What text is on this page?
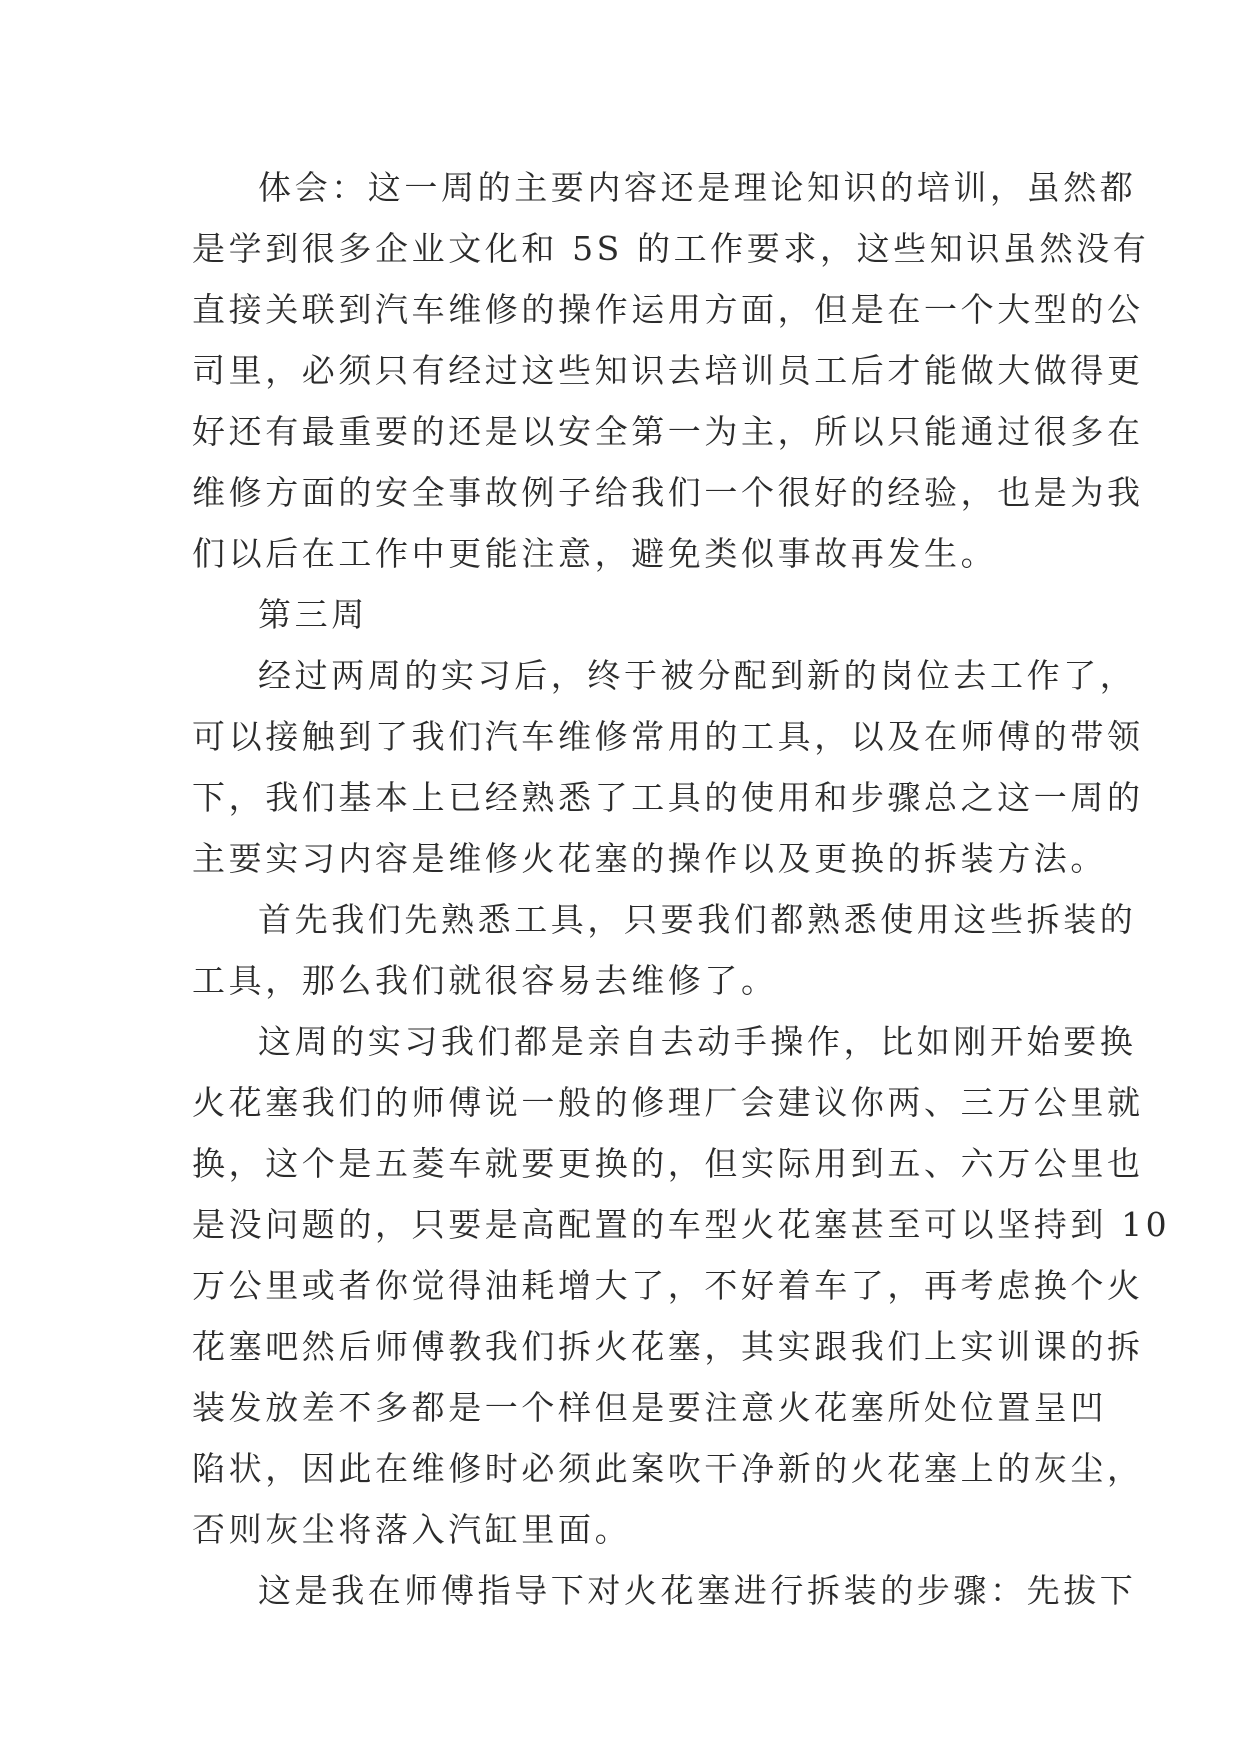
体会：这一周的主要内容还是理论知识的培训，虽然都
是学到很多企业文化和 5S 的工作要求，这些知识虽然没有
直接关联到汽车维修的操作运用方面，但是在一个大型的公
司里，必须只有经过这些知识去培训员工后才能做大做得更
好还有最重要的还是以安全第一为主，所以只能通过很多在
维修方面的安全事故例子给我们一个很好的经验，也是为我
们以后在工作中更能注意，避免类似事故再发生。
第三周
经过两周的实习后，终于被分配到新的岗位去工作了，
可以接触到了我们汽车维修常用的工具，以及在师傅的带领
下，我们基本上已经熟悉了工具的使用和步骤总之这一周的
主要实习内容是维修火花塞的操作以及更换的拆装方法。
首先我们先熟悉工具，只要我们都熟悉使用这些拆装的
工具，那么我们就很容易去维修了。
这周的实习我们都是亲自去动手操作，比如刚开始要换
火花塞我们的师傅说一般的修理厂会建议你两、三万公里就
换，这个是五菱车就要更换的，但实际用到五、六万公里也
是没问题的，只要是高配置的车型火花塞甚至可以坚持到 10
万公里或者你觉得油耗增大了，不好着车了，再考虑换个火
花塞吧然后师傅教我们拆火花塞，其实跟我们上实训课的拆
装发放差不多都是一个样但是要注意火花塞所处位置呈凹
陷状，因此在维修时必须此案吹干净新的火花塞上的灰尘，
否则灰尘将落入汽缸里面。
这是我在师傅指导下对火花塞进行拆装的步骤：先拔下
